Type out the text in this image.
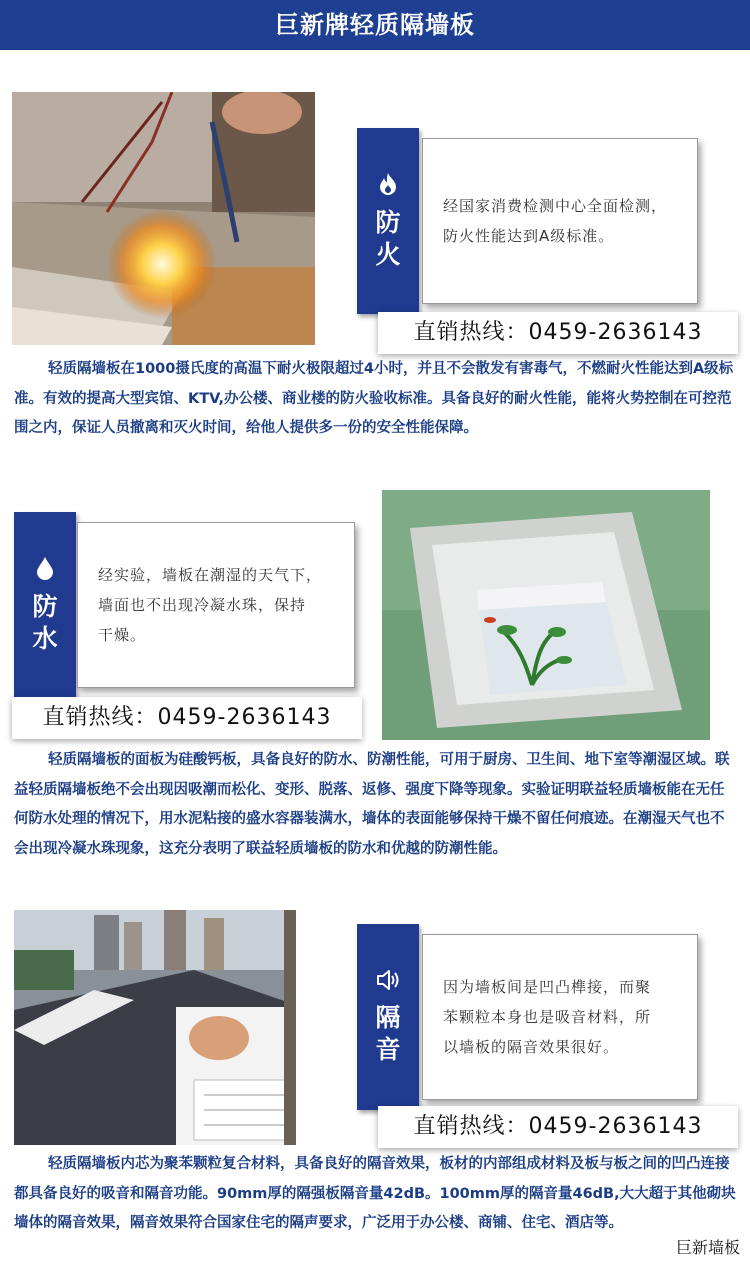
巨新牌轻质隔墙板
防
火
经国家消费检测中心全面检测，
防火性能达到A级标准。
直销热线：0459-2636143
轻质隔墙板在1000摄氏度的高温下耐火极限超过4小时，并且不会散发有害毒气，不燃耐火性能达到A级标准。有效的提高大型宾馆、KTV,办公楼、商业楼的防火验收标准。具备良好的耐火性能，能将火势控制在可控范围之内，保证人员撤离和灭火时间，给他人提供多一份的安全性能保障。
防
水
经实验，墙板在潮湿的天气下，
墙面也不出现冷凝水珠，保持
干燥。
直销热线：0459-2636143
轻质隔墙板的面板为硅酸钙板，具备良好的防水、防潮性能，可用于厨房、卫生间、地下室等潮湿区域。联益轻质隔墙板绝不会出现因吸潮而松化、变形、脱落、返修、强度下降等现象。实验证明联益轻质墙板能在无任何防水处理的情况下，用水泥粘接的盛水容器装满水，墙体的表面能够保持干燥不留任何痕迹。在潮湿天气也不会出现冷凝水珠现象，这充分表明了联益轻质墙板的防水和优越的防潮性能。
隔
音
因为墙板间是凹凸榫接，而聚
苯颗粒本身也是吸音材料，所
以墙板的隔音效果很好。
直销热线：0459-2636143
轻质隔墙板内芯为聚苯颗粒复合材料，具备良好的隔音效果，板材的内部组成材料及板与板之间的凹凸连接都具备良好的吸音和隔音功能。90mm厚的隔强板隔音量42dB。100mm厚的隔音量46dB,大大超于其他砌块墙体的隔音效果，隔音效果符合国家住宅的隔声要求，广泛用于办公楼、商铺、住宅、酒店等。
巨新墙板
